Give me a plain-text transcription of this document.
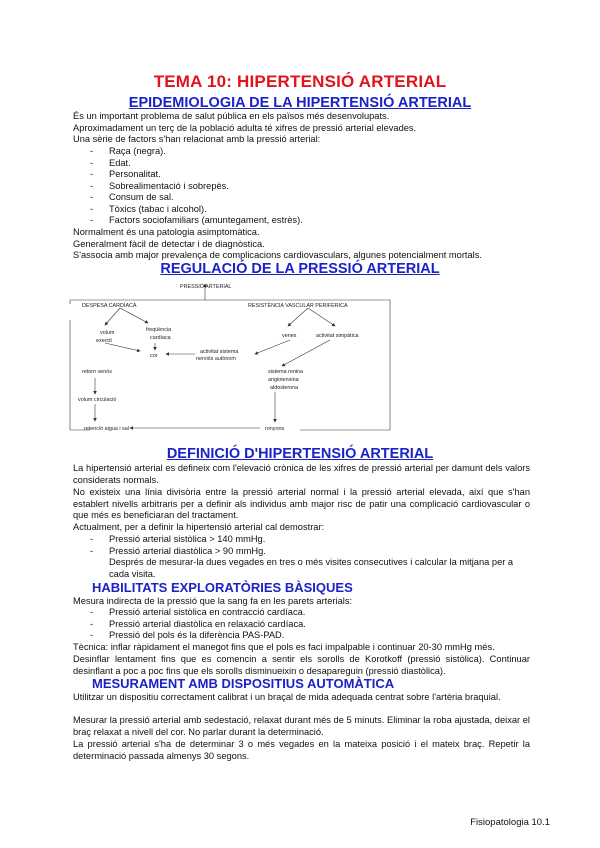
TEMA 10: HIPERTENSIÓ ARTERIAL
EPIDEMIOLOGIA DE LA HIPERTENSIÓ ARTERIAL
És un important problema de salut pública en els països més desenvolupats.
Aproximadament un terç de la població adulta té xifres de pressió arterial elevades.
Una sèrie de factors s'han relacionat amb la pressió arterial:
- Raça (negra).
- Edat.
- Personalitat.
- Sobrealimentació i sobrepès.
- Consum de sal.
- Tòxics (tabac i alcohol).
- Factors sociofamiliars (amuntegament, estrès).
Normalment és una patologia asimptomàtica.
Generalment fàcil de detectar i de diagnòstica.
S'associa amb major prevalença de complicacions cardiovasculars, algunes potencialment mortals.
REGULACIÓ DE LA PRESSIÓ ARTERIAL
PRESSIÓ ARTERIAL
DESPESA CARDÍACA	RESISTÈNCIA VASCULAR PERIFÈRICA
volum
exercit
freqüència
cardíaca
cor
venes	activitat simpàtica
activitat sistema
nerviós autònom
retorn venós
volum circulació
sistema renina
angiotensina
aldosterona
ronyons
retenció aigua i sal
DEFINICIÓ D'HIPERTENSIÓ ARTERIAL
La hipertensió arterial es defineix com l'elevació crònica de les xifres de pressió arterial per damunt dels valors considerats normals.
No existeix una línia divisòria entre la pressió arterial normal i la pressió arterial elevada, així que s'han establert nivells arbitraris per a definir als individus amb major risc de patir una complicació cardiovascular o que més es beneficiaran del tractament.
Actualment, per a definir la hipertensió arterial cal demostrar:
- Pressió arterial sistòlica > 140 mmHg.
- Pressió arterial diastòlica > 90 mmHg.
Després de mesurar-la dues vegades en tres o més visites consecutives i calcular la mitjana per a cada visita.
HABILITATS EXPLORATÒRIES BÀSIQUES
Mesura indirecta de la pressió que la sang fa en les parets arterials:
- Pressió arterial sistòlica en contracció cardíaca.
- Pressió arterial diastòlica en relaxació cardíaca.
- Pressió del pols és la diferència PAS-PAD.
Tècnica: inflar ràpidament el manegot fins que el pols es faci impalpable i continuar 20-30 mmHg més.
Desinflar lentament fins que es comencin a sentir els sorolls de Korotkoff (pressió sistòlica). Continuar desinflant a poc a poc fins que els sorolls disminueixin o desapareguin (pressió diastòlica).
MESURAMENT AMB DISPOSITIUS AUTOMÀTICA
Utilitzar un dispositiu correctament calibrat i un braçal de mida adequada centrat sobre l'artèria braquial.
Mesurar la pressió arterial amb sedestació, relaxat durant més de 5 minuts. Eliminar la roba ajustada, deixar el braç relaxat a nivell del cor. No parlar durant la determinació.
La pressió arterial s'ha de determinar 3 o més vegades en la mateixa posició i el mateix braç. Repetir la determinació passada almenys 30 segons.
Fisiopatologia 10.1
